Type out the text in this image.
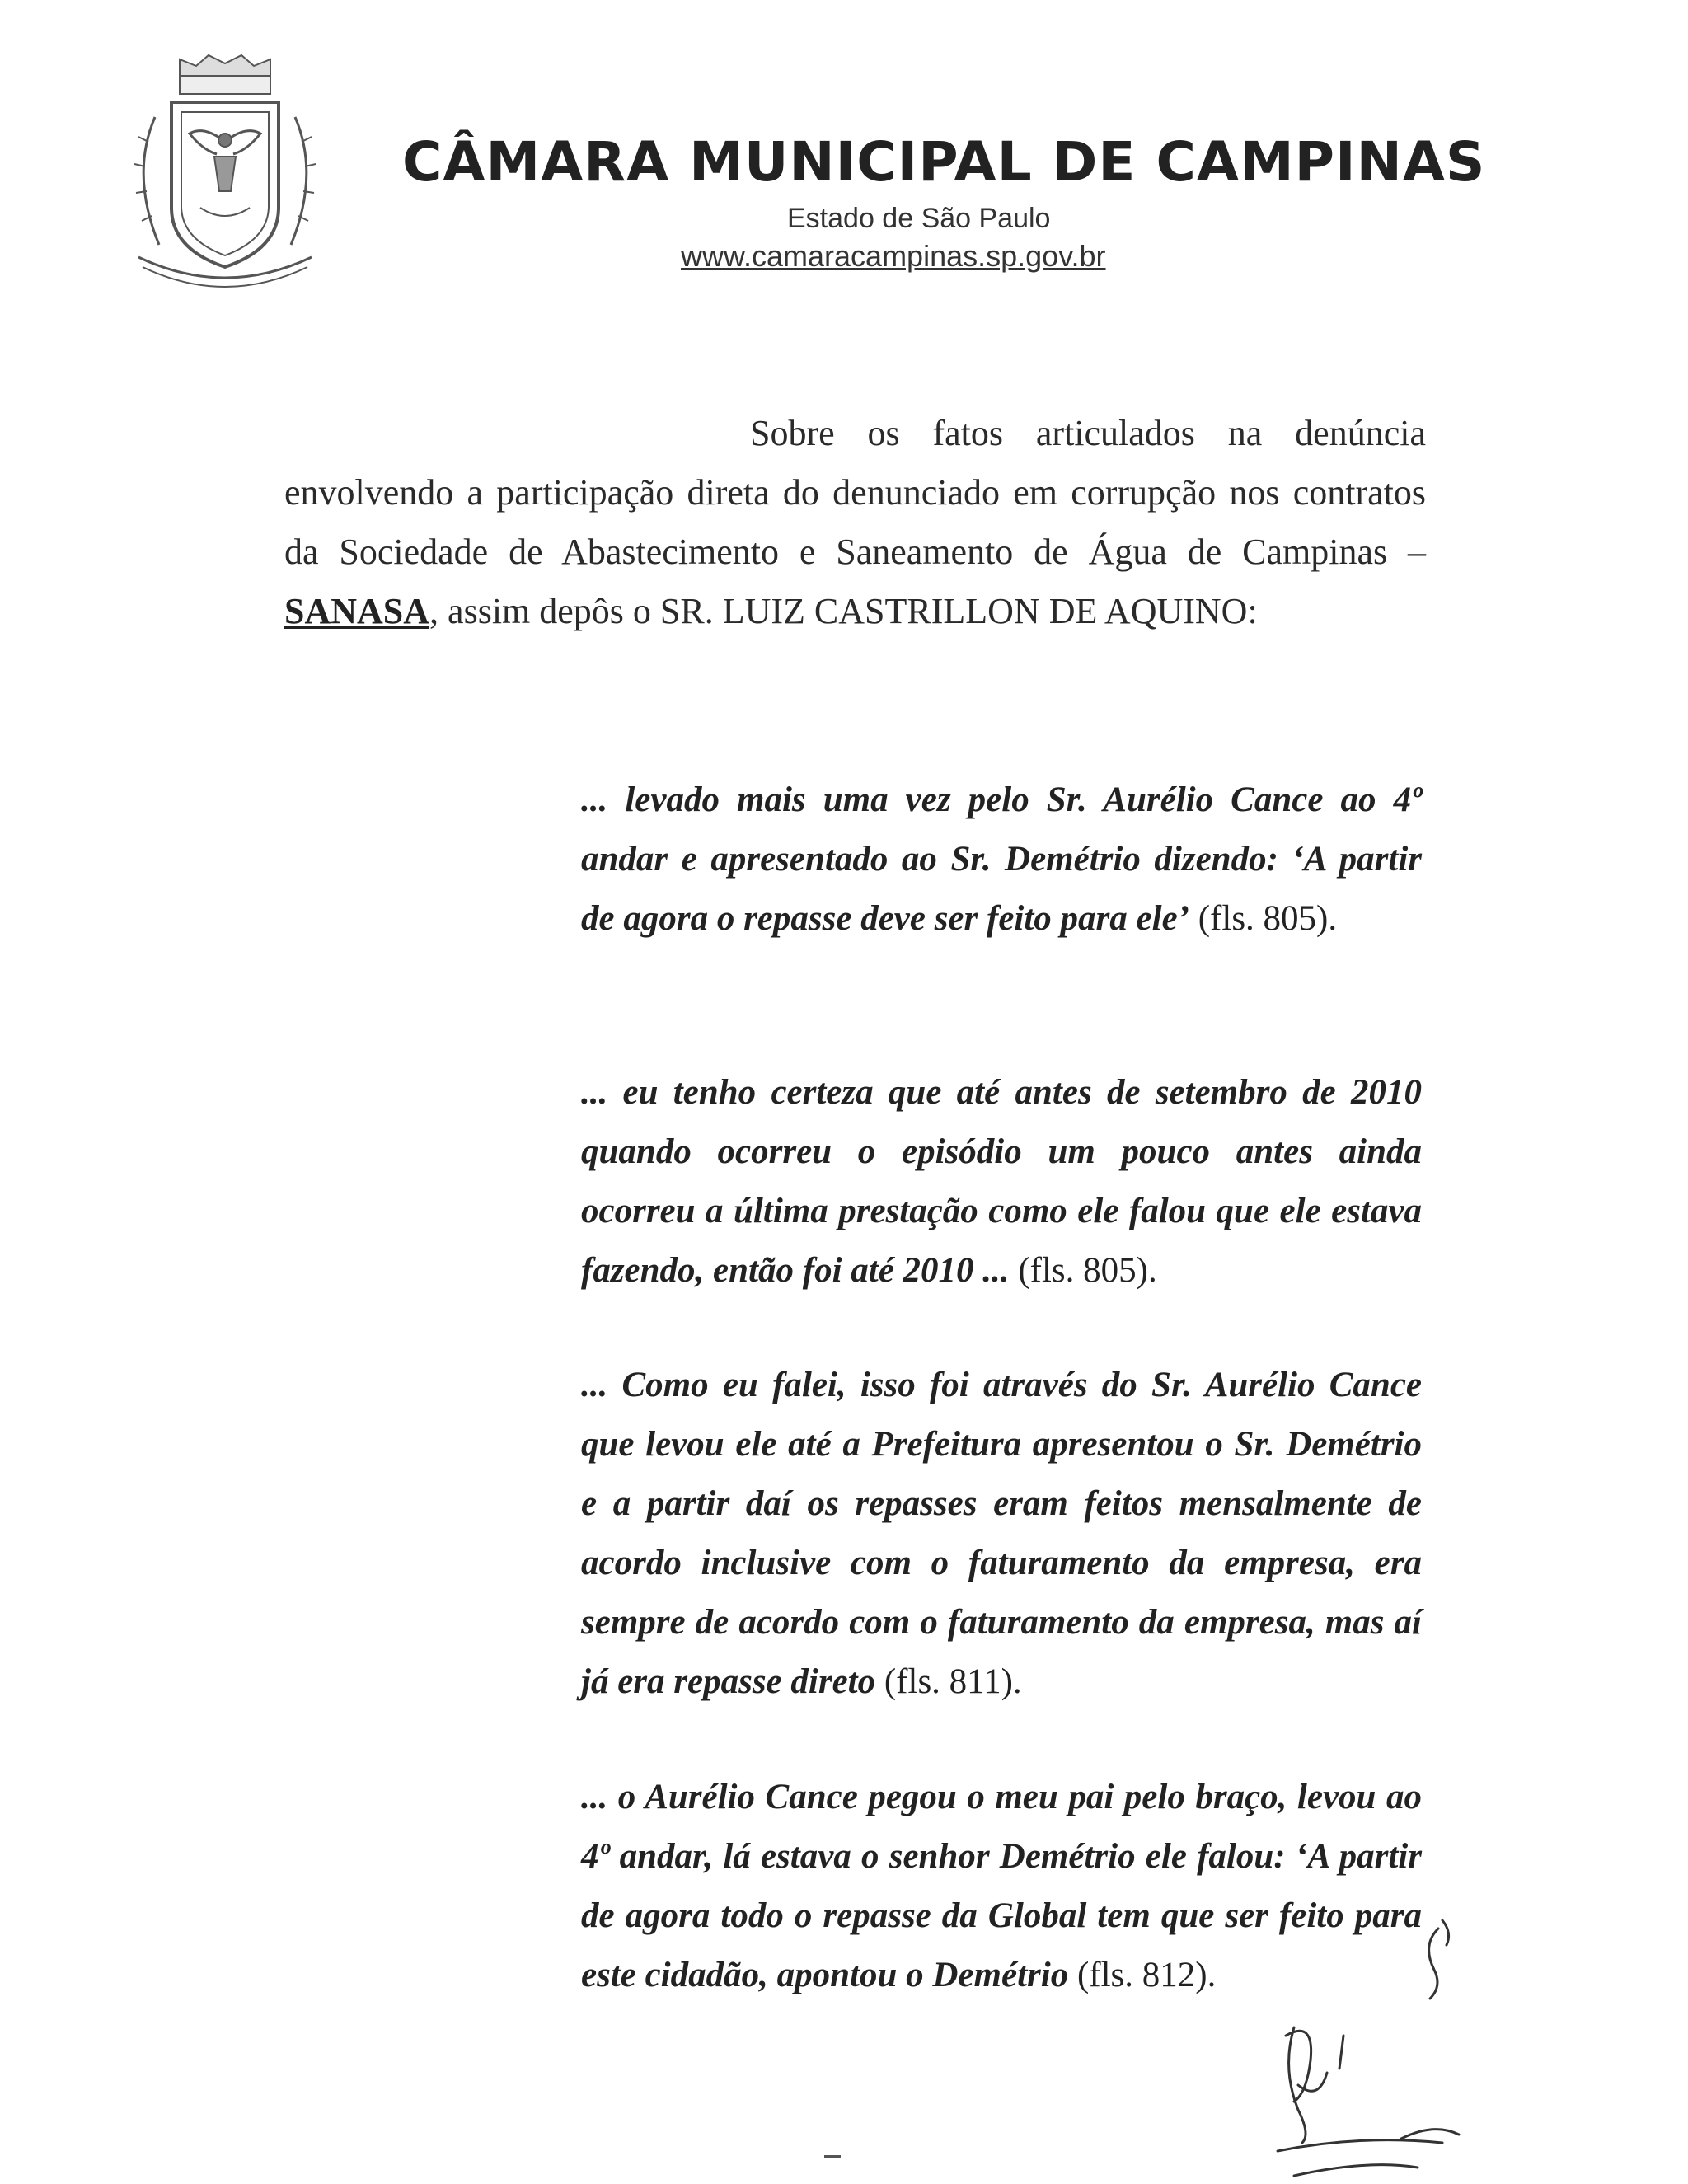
CÂMARA MUNICIPAL DE CAMPINAS
Estado de São Paulo
www.camaracampinas.sp.gov.br
Sobre os fatos articulados na denúncia envolvendo a participação direta do denunciado em corrupção nos contratos da Sociedade de Abastecimento e Saneamento de Água de Campinas – SANASA, assim depôs o SR. LUIZ CASTRILLON DE AQUINO:
... levado mais uma vez pelo Sr. Aurélio Cance ao 4º andar e apresentado ao Sr. Demétrio dizendo: ‘A partir de agora o repasse deve ser feito para ele’ (fls. 805).
... eu tenho certeza que até antes de setembro de 2010 quando ocorreu o episódio um pouco antes ainda ocorreu a última prestação como ele falou que ele estava fazendo, então foi até 2010 ... (fls. 805).
... Como eu falei, isso foi através do Sr. Aurélio Cance que levou ele até a Prefeitura apresentou o Sr. Demétrio e a partir daí os repasses eram feitos mensalmente de acordo inclusive com o faturamento da empresa, era sempre de acordo com o faturamento da empresa, mas aí já era repasse direto (fls. 811).
... o Aurélio Cance pegou o meu pai pelo braço, levou ao 4º andar, lá estava o senhor Demétrio ele falou: ‘A partir de agora todo o repasse da Global tem que ser feito para este cidadão, apontou o Demétrio (fls. 812).
